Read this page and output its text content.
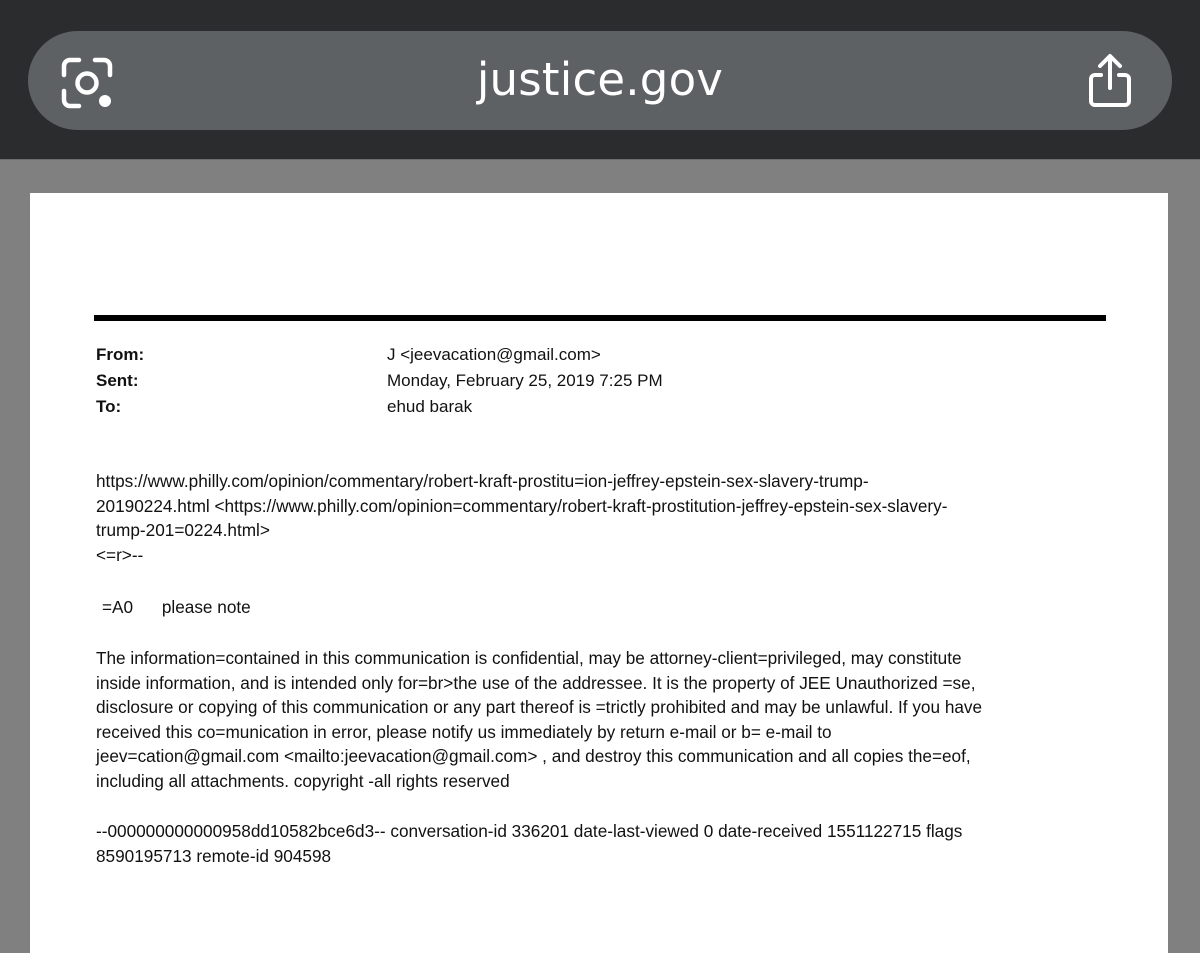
justice.gov
From:	J <jeevacation@gmail.com>
Sent:	Monday, February 25, 2019 7:25 PM
To:	ehud barak
https://www.philly.com/opinion/commentary/robert-kraft-prostitu=ion-jeffrey-epstein-sex-slavery-trump-
20190224.html <https://www.philly.com/opinion=commentary/robert-kraft-prostitution-jeffrey-epstein-sex-slavery-
trump-201=0224.html>
<=r>--
=A0 please note
The information=contained in this communication is confidential, may be attorney-client=privileged, may constitute
inside information, and is intended only for=br>the use of the addressee. It is the property of JEE Unauthorized =se,
disclosure or copying of this communication or any part thereof is =trictly prohibited and may be unlawful. If you have
received this co=munication in error, please notify us immediately by return e-mail or b= e-mail to
jeev=cation@gmail.com <mailto:jeevacation@gmail.com> , and destroy this communication and all copies the=eof,
including all attachments. copyright -all rights reserved
--000000000000958dd10582bce6d3-- conversation-id 336201 date-last-viewed 0 date-received 1551122715 flags
8590195713 remote-id 904598
